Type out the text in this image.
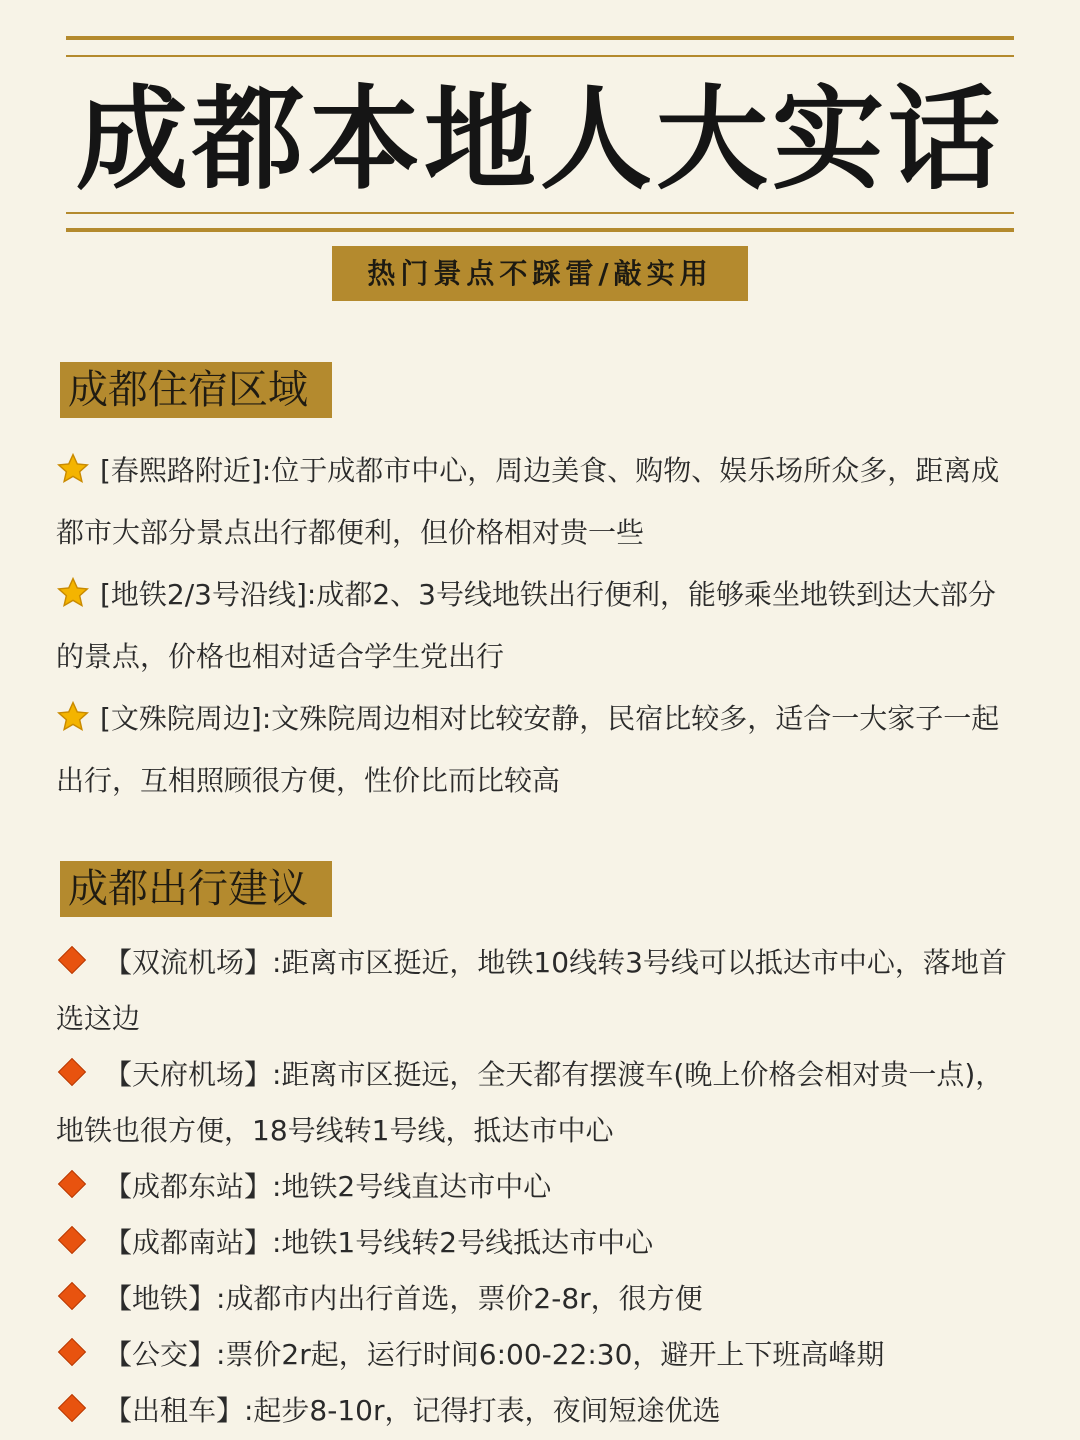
成都本地人大实话
热门景点不踩雷/敲实用
成都住宿区域

[春熙路附近]:位于成都市中心，周边美食、购物、娱乐场所众多，距离成都市大部分景点出行都便利，但价格相对贵一些

[地铁2/3号沿线]:成都2、3号线地铁出行便利，能够乘坐地铁到达大部分的景点，价格也相对适合学生党出行

[文殊院周边]:文殊院周边相对比较安静，民宿比较多，适合一大家子一起出行，互相照顾很方便，性价比而比较高

成都出行建议

【双流机场】:距离市区挺近，地铁10线转3号线可以抵达市中心，落地首选这边

【天府机场】:距离市区挺远，全天都有摆渡车(晚上价格会相对贵一点)，地铁也很方便，18号线转1号线，抵达市中心

【成都东站】:地铁2号线直达市中心

【成都南站】:地铁1号线转2号线抵达市中心

【地铁】:成都市内出行首选，票价2-8r，很方便

【公交】:票价2r起，运行时间6:00-22:30，避开上下班高峰期

【出租车】:起步8-10r，记得打表，夜间短途优选
